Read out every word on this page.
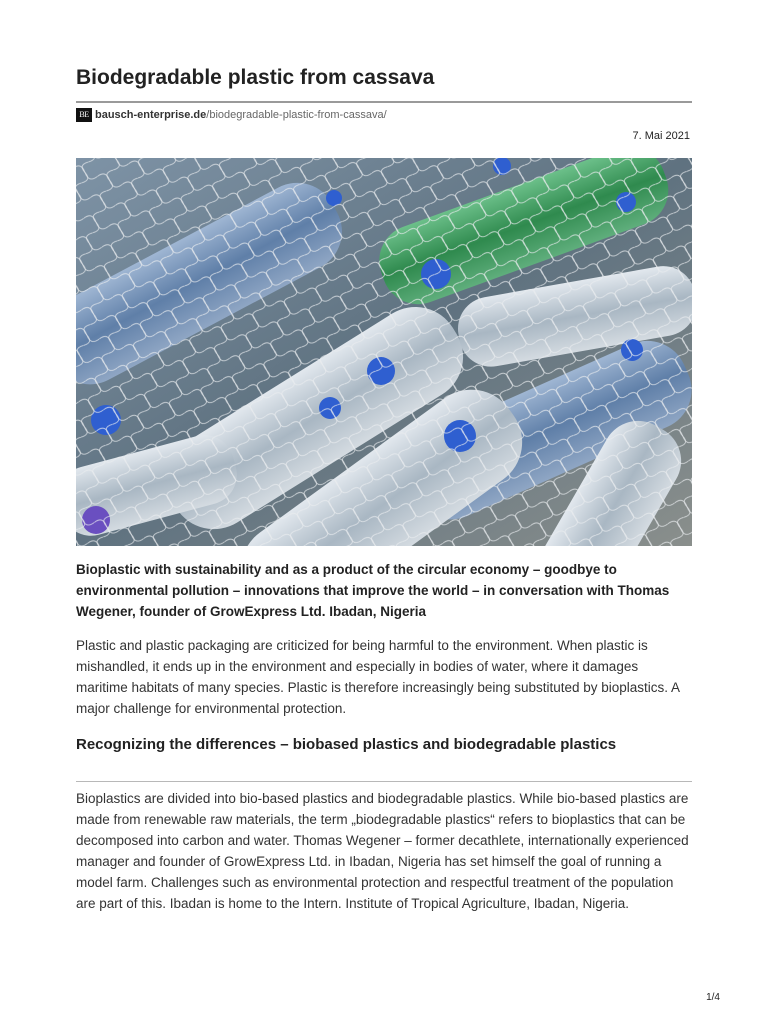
Biodegradable plastic from cassava
BE bausch-enterprise.de /biodegradable-plastic-from-cassava/
7. Mai 2021

Bioplastic with sustainability and as a product of the circular economy – goodbye to environmental pollution – innovations that improve the world – in conversation with Thomas Wegener, founder of GrowExpress Ltd. Ibadan, Nigeria

Plastic and plastic packaging are criticized for being harmful to the environment. When plastic is mishandled, it ends up in the environment and especially in bodies of water, where it damages maritime habitats of many species. Plastic is therefore increasingly being substituted by bioplastics. A major challenge for environmental protection.

Recognizing the differences – biobased plastics and biodegradable plastics

Bioplastics are divided into bio-based plastics and biodegradable plastics. While bio-based plastics are made from renewable raw materials, the term „biodegradable plastics“ refers to bioplastics that can be decomposed into carbon and water. Thomas Wegener – former decathlete, internationally experienced manager and founder of GrowExpress Ltd. in Ibadan, Nigeria has set himself the goal of running a model farm. Challenges such as environmental protection and respectful treatment of the population are part of this. Ibadan is home to the Intern. Institute of Tropical Agriculture, Ibadan, Nigeria.

1/4
